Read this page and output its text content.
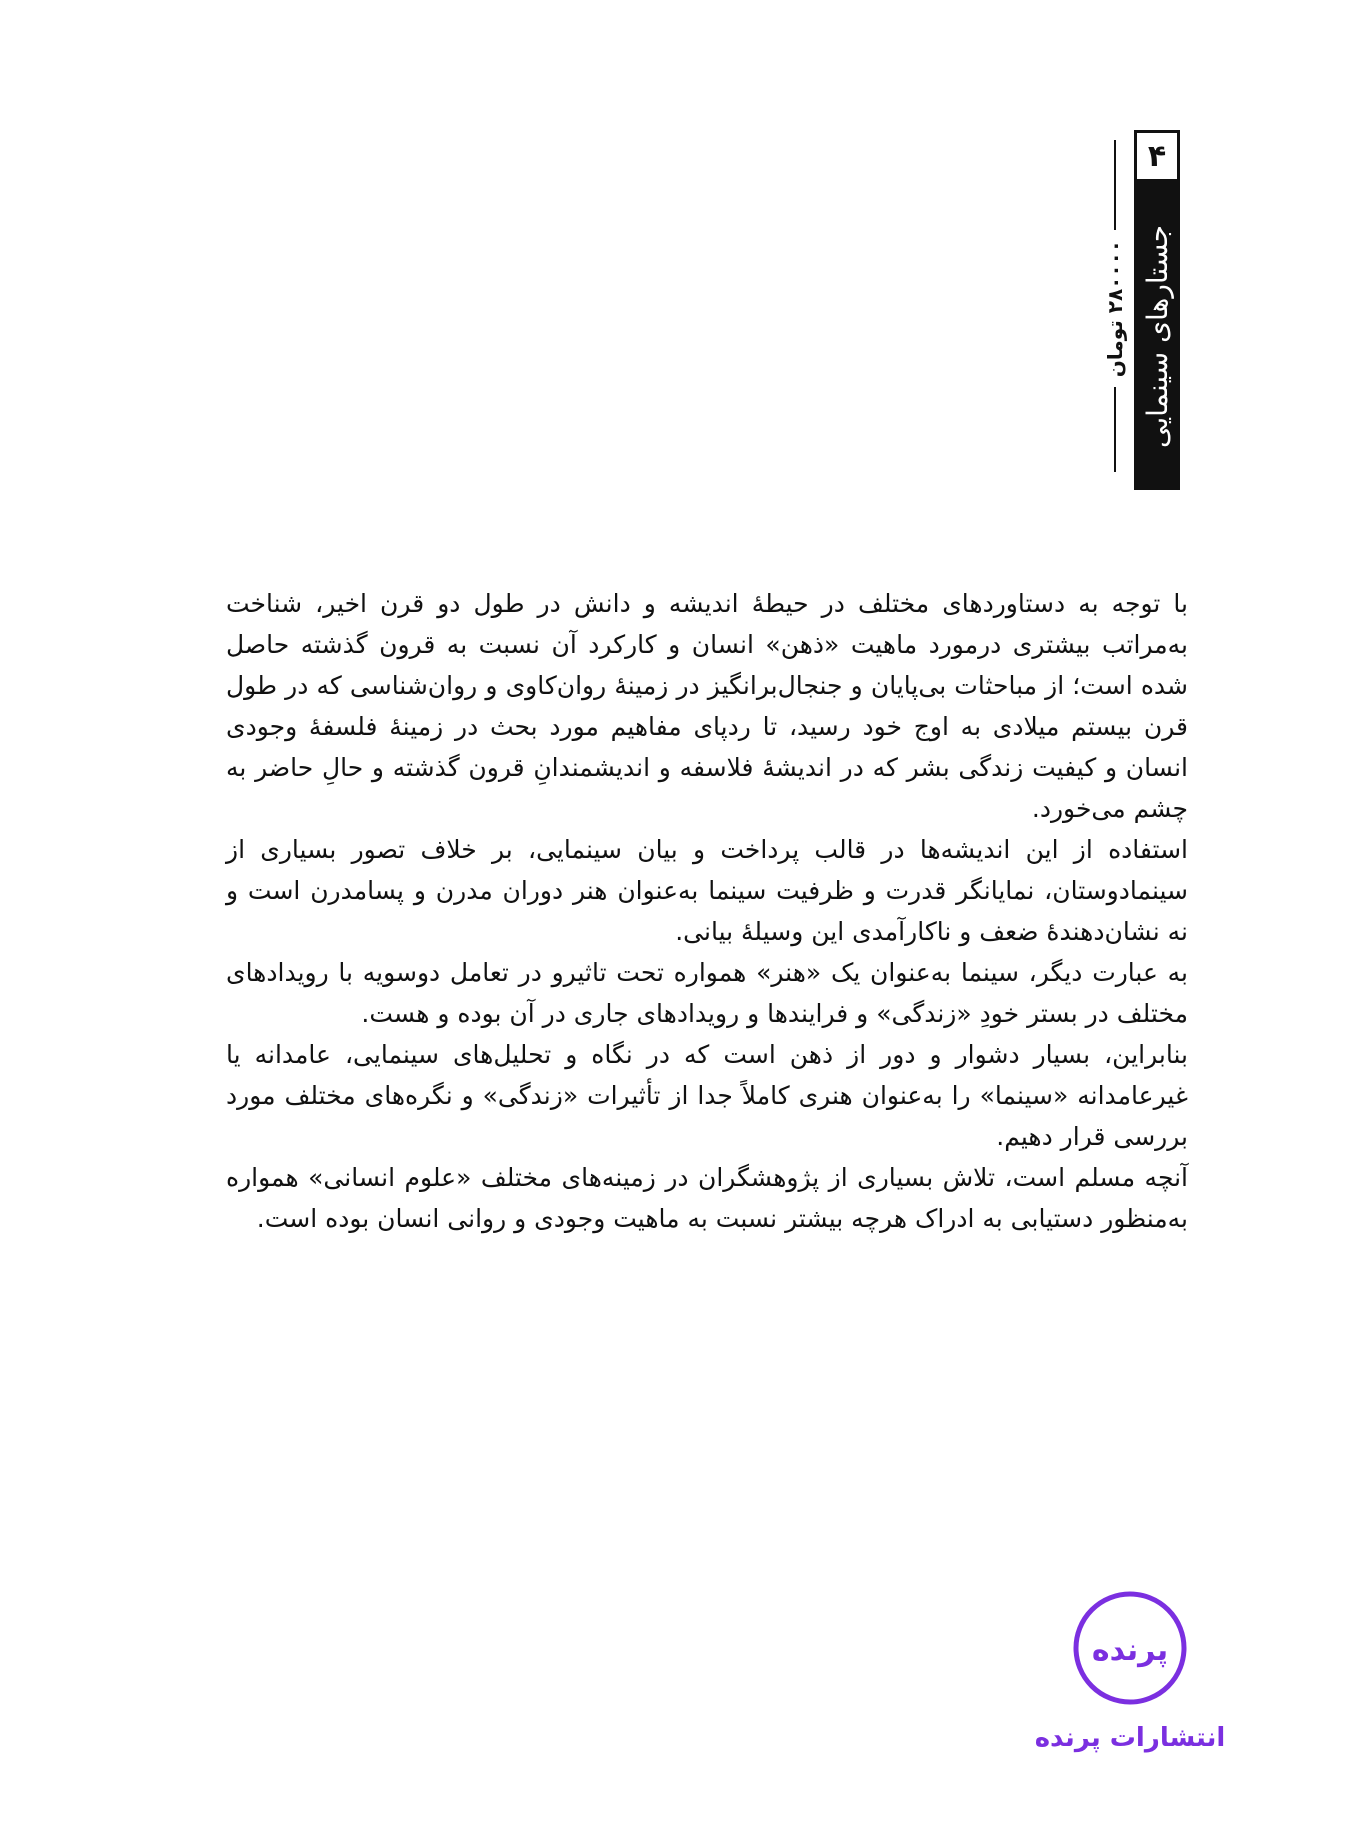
۴
جستارهای سینمایی
۲۸۰۰۰۰ تومان

با توجه به دستاوردهای مختلف در حیطهٔ اندیشه و دانش در طول دو قرن اخیر، شناخت به‌مراتب بیشتری درمورد ماهیت «ذهن» انسان و کارکرد آن نسبت به قرون گذشته حاصل شده است؛ از مباحثات بی‌پایان و جنجال‌برانگیز در زمینهٔ روان‌کاوی و روان‌شناسی که در طول قرن بیستم میلادی به اوج خود رسید، تا ردپای مفاهیم مورد بحث در زمینهٔ فلسفهٔ وجودی انسان و کیفیت زندگی بشر که در اندیشهٔ فلاسفه و اندیشمندانِ قرون گذشته و حالِ حاضر به چشم می‌خورد.

استفاده از این اندیشه‌ها در قالب پرداخت و بیان سینمایی، بر خلاف تصور بسیاری از سینمادوستان، نمایانگر قدرت و ظرفیت سینما به‌عنوان هنر دوران مدرن و پسامدرن است و نه نشان‌دهندهٔ ضعف و ناکارآمدی این وسیلهٔ بیانی.

به عبارت دیگر، سینما به‌عنوان یک «هنر» همواره تحت تاثیرو در تعامل دوسویه با رویدادهای مختلف در بستر خودِ «زندگی» و فرایندها و رویدادهای جاری در آن بوده و هست.

بنابراین، بسیار دشوار و دور از ذهن است که در نگاه و تحلیل‌های سینمایی، عامدانه یا غیرعامدانه «سینما» را به‌عنوان هنری کاملاً جدا از تأثیرات «زندگی» و نگره‌های مختلف مورد بررسی قرار دهیم.

آنچه مسلم است، تلاش بسیاری از پژوهشگران در زمینه‌های مختلف «علوم انسانی» همواره به‌منظور دستیابی به ادراک هرچه بیشتر نسبت به ماهیت وجودی و روانی انسان بوده است.

پرنده
انتشارات پرنده
